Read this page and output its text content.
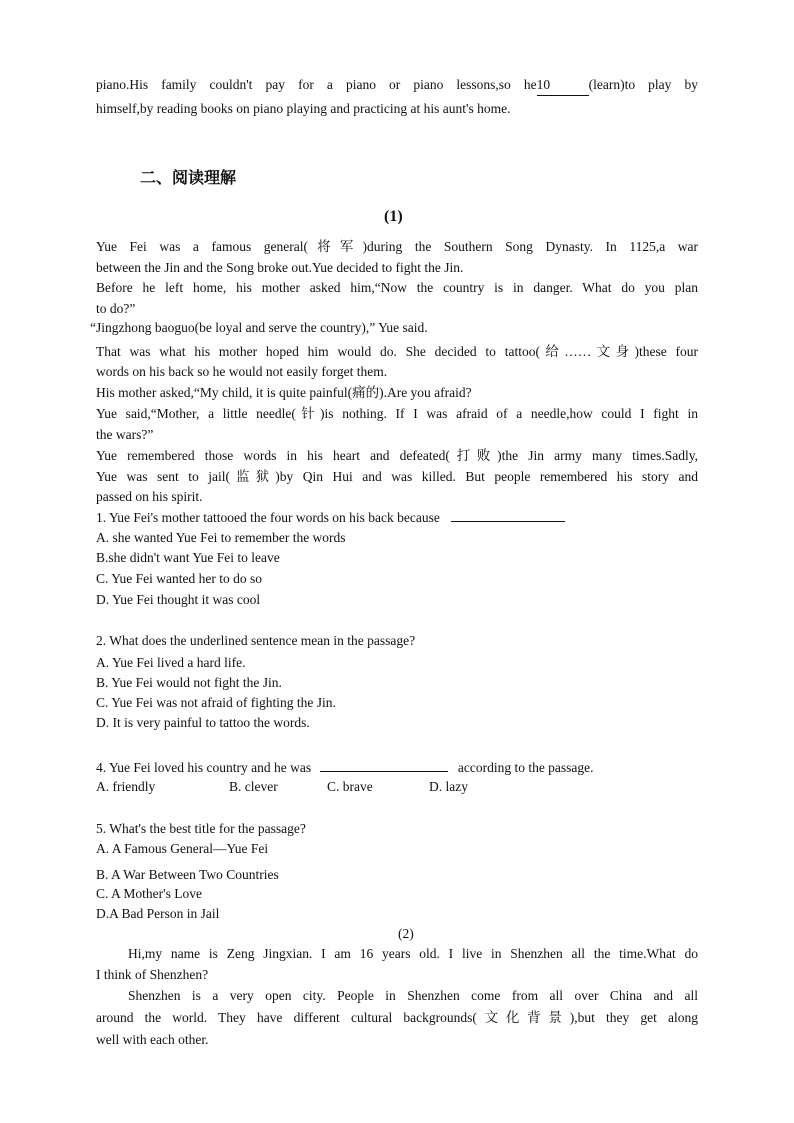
piano.His family couldn't pay for a piano or piano lessons,so he10	(learn)to play by
himself,by reading books on piano playing and practicing at his aunt's home.
二、阅读理解
(1)
Yue Fei was a famous general(将军)during the Southern Song Dynasty. In 1125,a war
between the Jin and the Song broke out.Yue decided to fight the Jin.
Before he left home, his mother asked him,“Now the country is in danger. What do you plan
to do?”
“Jingzhong baoguo(be loyal and serve the country),” Yue said.
That was what his mother hoped him would do. She decided to tattoo(给……文身)these four
words on his back so he would not easily forget them.
His mother asked,“My child, it is quite painful(痛的).Are you afraid?
Yue said,“Mother, a little needle(针)is nothing. If I was afraid of a needle,how could I fight in
the wars?”
Yue remembered those words in his heart and defeated(打败)the Jin army many times.Sadly,
Yue was sent to jail(监狱)by Qin Hui and was killed. But people remembered his story and
passed on his spirit.
1. Yue Fei's mother tattooed the four words on his back because
A. she wanted Yue Fei to remember the words
B.she didn't want Yue Fei to leave
C. Yue Fei wanted her to do so
D. Yue Fei thought it was cool
2. What does the underlined sentence mean in the passage?
A. Yue Fei lived a hard life.
B. Yue Fei would not fight the Jin.
C. Yue Fei was not afraid of fighting the Jin.
D. It is very painful to tattoo the words.
4. Yue Fei loved his country and he was	according to the passage.
A. friendly	B. clever	C. brave	D. lazy
5. What's the best title for the passage?
A. A Famous General—Yue Fei
B. A War Between Two Countries
C. A Mother's Love
D.A Bad Person in Jail
(2)
Hi,my name is Zeng Jingxian. I am 16 years old. I live in Shenzhen all the time.What do
I think of Shenzhen?
Shenzhen is a very open city. People in Shenzhen come from all over China and all
around the world. They have different cultural backgrounds(文化背景),but they get along
well with each other.
